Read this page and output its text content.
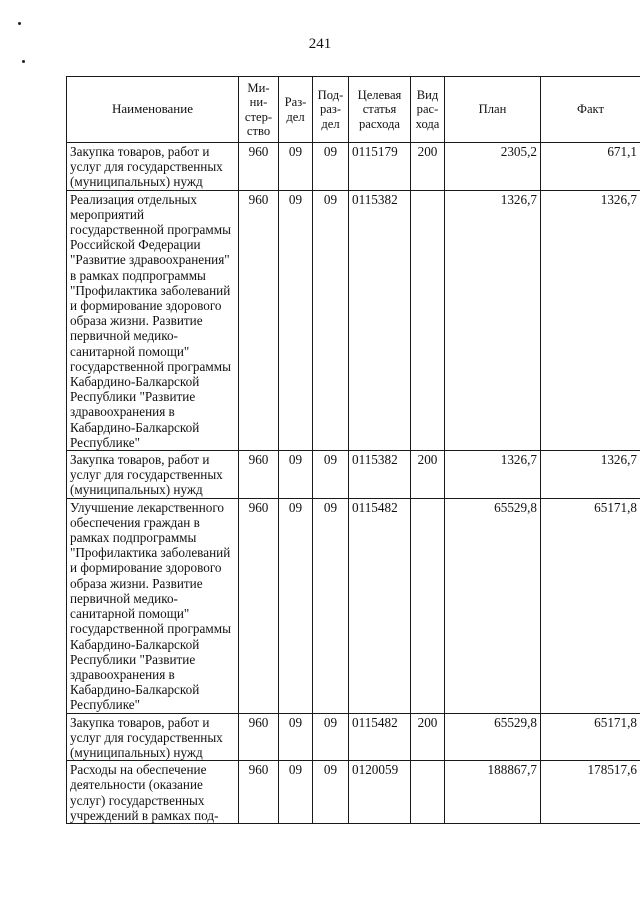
241
Наименование	Ми-ни-стер-ство	Раз-дел	Под-раз-дел	Целевая статья расхода	Вид рас-хода	План	Факт
Закупка товаров, работ и услуг для государственных (муниципальных) нужд	960	09	09	0115179	200	2305,2	671,1
Реализация отдельных мероприятий государственной программы Российской Федерации "Развитие здравоохранения" в рамках подпрограммы "Профилактика заболеваний и формирование здорового образа жизни. Развитие первичной медико-санитарной помощи" государственной программы Кабардино-Балкарской Республики "Развитие здравоохранения в Кабардино-Балкарской Республике"	960	09	09	0115382		1326,7	1326,7
Закупка товаров, работ и услуг для государственных (муниципальных) нужд	960	09	09	0115382	200	1326,7	1326,7
Улучшение лекарственного обеспечения граждан в рамках подпрограммы "Профилактика заболеваний и формирование здорового образа жизни. Развитие первичной медико-санитарной помощи" государственной программы Кабардино-Балкарской Республики "Развитие здравоохранения в Кабардино-Балкарской Республике"	960	09	09	0115482		65529,8	65171,8
Закупка товаров, работ и услуг для государственных (муниципальных) нужд	960	09	09	0115482	200	65529,8	65171,8
Расходы на обеспечение деятельности (оказание услуг) государственных учреждений в рамках под-	960	09	09	0120059		188867,7	178517,6
